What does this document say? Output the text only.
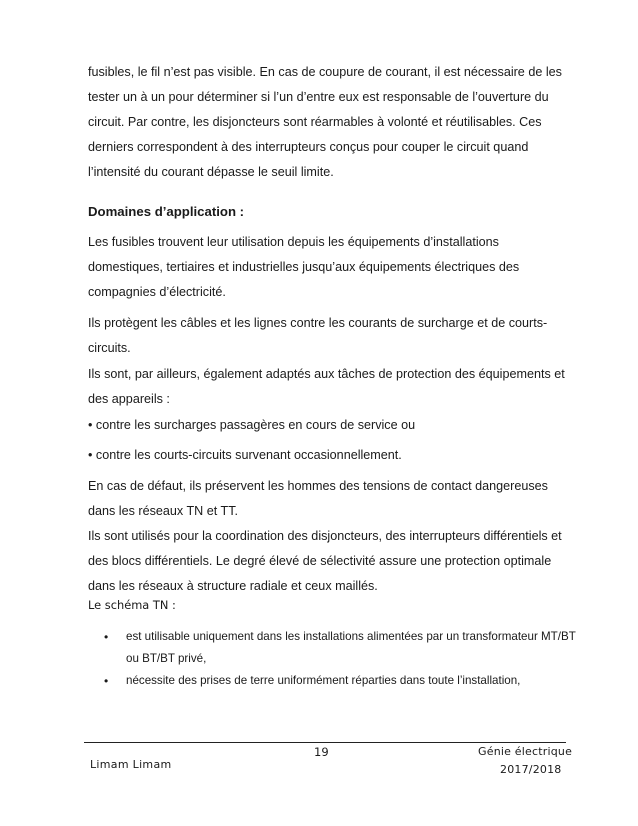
fusibles, le fil n’est pas visible. En cas de coupure de courant, il est nécessaire de les
tester un à un pour déterminer si l’un d’entre eux est responsable de l’ouverture du
circuit. Par contre, les disjoncteurs sont réarmables à volonté et réutilisables. Ces
derniers correspondent à des interrupteurs conçus pour couper le circuit quand
l’intensité du courant dépasse le seuil limite.
Domaines d’application :
Les fusibles trouvent leur utilisation depuis les équipements d’installations
domestiques, tertiaires et industrielles jusqu’aux équipements électriques des
compagnies d’électricité.
Ils protègent les câbles et les lignes contre les courants de surcharge et de courts-
circuits.
Ils sont, par ailleurs, également adaptés aux tâches de protection des équipements et
des appareils :
• contre les surcharges passagères en cours de service ou
• contre les courts-circuits survenant occasionnellement.
En cas de défaut, ils préservent les hommes des tensions de contact dangereuses
dans les réseaux TN et TT.
Ils sont utilisés pour la coordination des disjoncteurs, des interrupteurs différentiels et
des blocs différentiels. Le degré élevé de sélectivité assure une protection optimale
dans les réseaux à structure radiale et ceux maillés.

Le schéma TN :

• est utilisable uniquement dans les installations alimentées par un transformateur MT/BT
ou BT/BT privé,
• nécessite des prises de terre uniformément réparties dans toute l’installation,
19	Génie électrique
Limam Limam	2017/2018
